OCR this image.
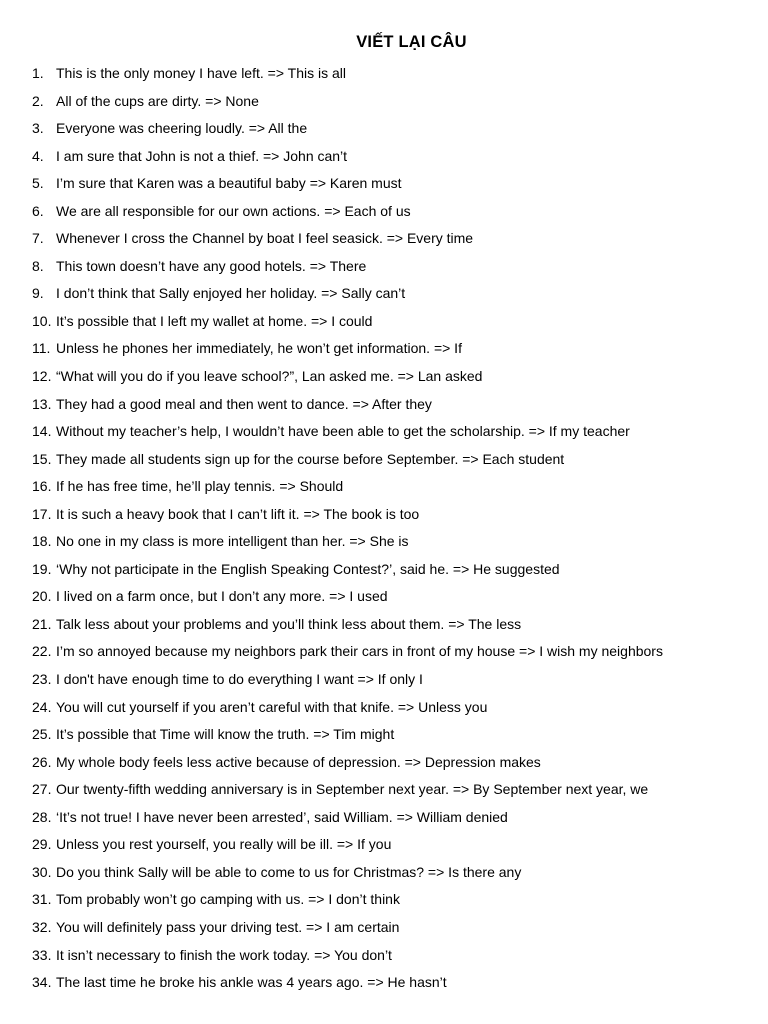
VIẾT LẠI CÂU
1. This is the only money I have left. => This is all
2. All of the cups are dirty. => None
3. Everyone was cheering loudly. => All the
4. I am sure that John is not a thief. => John can’t
5. I’m sure that Karen was a beautiful baby => Karen must
6. We are all responsible for our own actions. => Each of us
7. Whenever I cross the Channel by boat I feel seasick. => Every time
8. This town doesn’t have any good hotels. => There
9. I don’t think that Sally enjoyed her holiday. => Sally can’t
10. It’s possible that I left my wallet at home. => I could
11. Unless he phones her immediately, he won’t get information. => If
12. “What will you do if you leave school?”, Lan asked me. => Lan asked
13. They had a good meal and then went to dance. => After they
14. Without my teacher’s help, I wouldn’t have been able to get the scholarship. => If my teacher
15. They made all students sign up for the course before September. => Each student
16. If he has free time, he’ll play tennis. => Should
17. It is such a heavy book that I can’t lift it. => The book is too
18. No one in my class is more intelligent than her. => She is
19. ‘Why not participate in the English Speaking Contest?’, said he. => He suggested
20. I lived on a farm once, but I don’t any more. => I used
21. Talk less about your problems and you’ll think less about them. => The less
22. I’m so annoyed because my neighbors park their cars in front of my house => I wish my neighbors
23. I don't have enough time to do everything I want => If only I
24. You will cut yourself if you aren’t careful with that knife. => Unless you
25. It’s possible that Time will know the truth. => Tim might
26. My whole body feels less active because of depression. => Depression makes
27. Our twenty-fifth wedding anniversary is in September next year. => By September next year, we
28. ‘It’s not true! I have never been arrested’, said William. => William denied
29. Unless you rest yourself, you really will be ill. => If you
30. Do you think Sally will be able to come to us for Christmas? => Is there any
31. Tom probably won’t go camping with us. => I don’t think
32. You will definitely pass your driving test. => I am certain
33. It isn’t necessary to finish the work today. => You don’t
34. The last time he broke his ankle was 4 years ago. => He hasn’t
